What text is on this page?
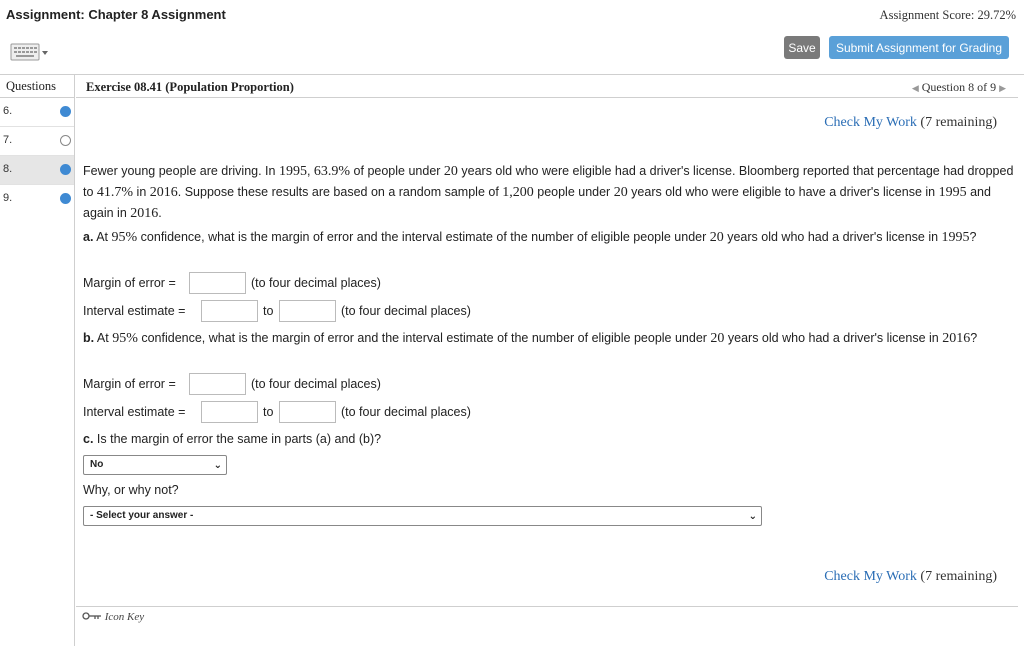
Assignment: Chapter 8 Assignment	Assignment Score: 29.72%
Save	Submit Assignment for Grading
Questions
6.
7.
8.
9.
Exercise 08.41 (Population Proportion)	◀ Question 8 of 9 ▶
Check My Work (7 remaining)
Fewer young people are driving. In 1995, 63.9% of people under 20 years old who were eligible had a driver's license. Bloomberg reported that percentage had dropped to 41.7% in 2016. Suppose these results are based on a random sample of 1,200 people under 20 years old who were eligible to have a driver's license in 1995 and again in 2016.
a. At 95% confidence, what is the margin of error and the interval estimate of the number of eligible people under 20 years old who had a driver's license in 1995?
Margin of error =	(to four decimal places)
Interval estimate =	to	(to four decimal places)
b. At 95% confidence, what is the margin of error and the interval estimate of the number of eligible people under 20 years old who had a driver's license in 2016?
Margin of error =	(to four decimal places)
Interval estimate =	to	(to four decimal places)
c. Is the margin of error the same in parts (a) and (b)?
No	⌄
Why, or why not?
- Select your answer -	⌄
Check My Work (7 remaining)
Icon Key
